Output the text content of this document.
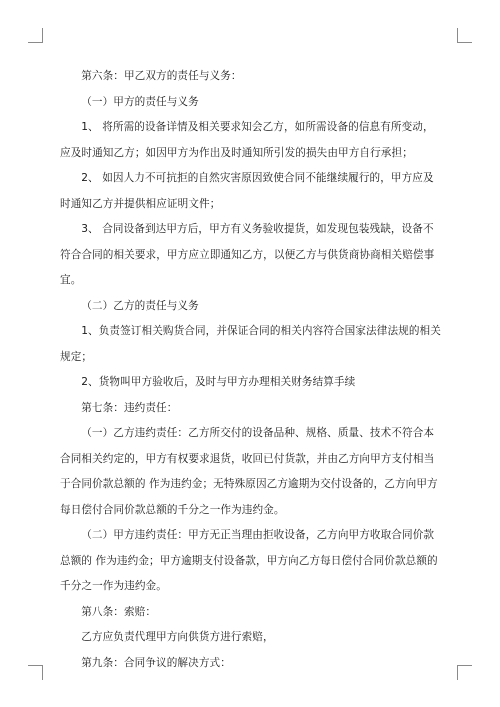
第六条：甲乙双方的责任与义务：

（一）甲方的责任与义务

1、 将所需的设备详情及相关要求知会乙方，如所需设备的信息有所变动，应及时通知乙方；如因甲方为作出及时通知所引发的损失由甲方自行承担；

2、 如因人力不可抗拒的自然灾害原因致使合同不能继续履行的，甲方应及时通知乙方并提供相应证明文件；

3、 合同设备到达甲方后，甲方有义务验收提货，如发现包装残缺，设备不符合合同的相关要求，甲方应立即通知乙方，以便乙方与供货商协商相关赔偿事宜。

（二）乙方的责任与义务

1、负责签订相关购货合同，并保证合同的相关内容符合国家法律法规的相关规定；

2、货物叫甲方验收后，及时与甲方办理相关财务结算手续

第七条：违约责任：

（一）乙方违约责任：乙方所交付的设备品种、规格、质量、技术不符合本合同相关约定的，甲方有权要求退货，收回已付货款，并由乙方向甲方支付相当于合同价款总额的 作为违约金；无特殊原因乙方逾期为交付设备的，乙方向甲方每日偿付合同价款总额的千分之一作为违约金。

（二）甲方违约责任：甲方无正当理由拒收设备，乙方向甲方收取合同价款总额的 作为违约金；甲方逾期支付设备款，甲方向乙方每日偿付合同价款总额的千分之一作为违约金。

第八条：索赔：

乙方应负责代理甲方向供货方进行索赔，

第九条：合同争议的解决方式：
